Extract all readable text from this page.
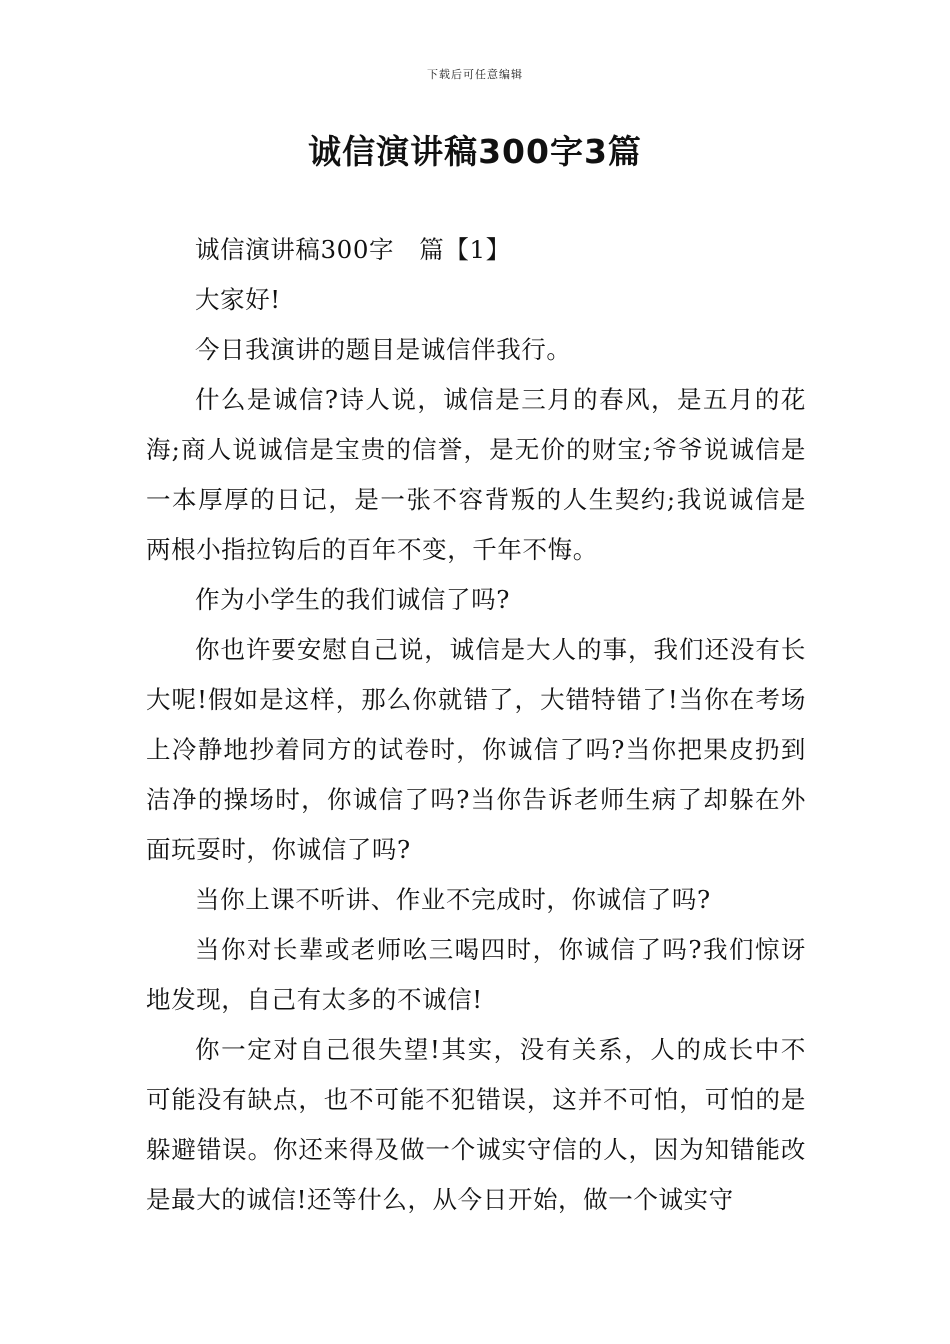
下载后可任意编辑
诚信演讲稿300字3篇

诚信演讲稿300字　篇【1】

大家好!

今日我演讲的题目是诚信伴我行。

什么是诚信?诗人说，诚信是三月的春风，是五月的花海;商人说诚信是宝贵的信誉，是无价的财宝;爷爷说诚信是一本厚厚的日记，是一张不容背叛的人生契约;我说诚信是两根小指拉钩后的百年不变，千年不悔。

作为小学生的我们诚信了吗?

你也许要安慰自己说，诚信是大人的事，我们还没有长大呢!假如是这样，那么你就错了，大错特错了!当你在考场上冷静地抄着同方的试卷时，你诚信了吗?当你把果皮扔到洁净的操场时，你诚信了吗?当你告诉老师生病了却躲在外面玩耍时，你诚信了吗?

当你上课不听讲、作业不完成时，你诚信了吗?

当你对长辈或老师吆三喝四时，你诚信了吗?我们惊讶地发现，自己有太多的不诚信!

你一定对自己很失望!其实，没有关系，人的成长中不可能没有缺点，也不可能不犯错误，这并不可怕，可怕的是躲避错误。你还来得及做一个诚实守信的人，因为知错能改是最大的诚信!还等什么，从今日开始，做一个诚实守
